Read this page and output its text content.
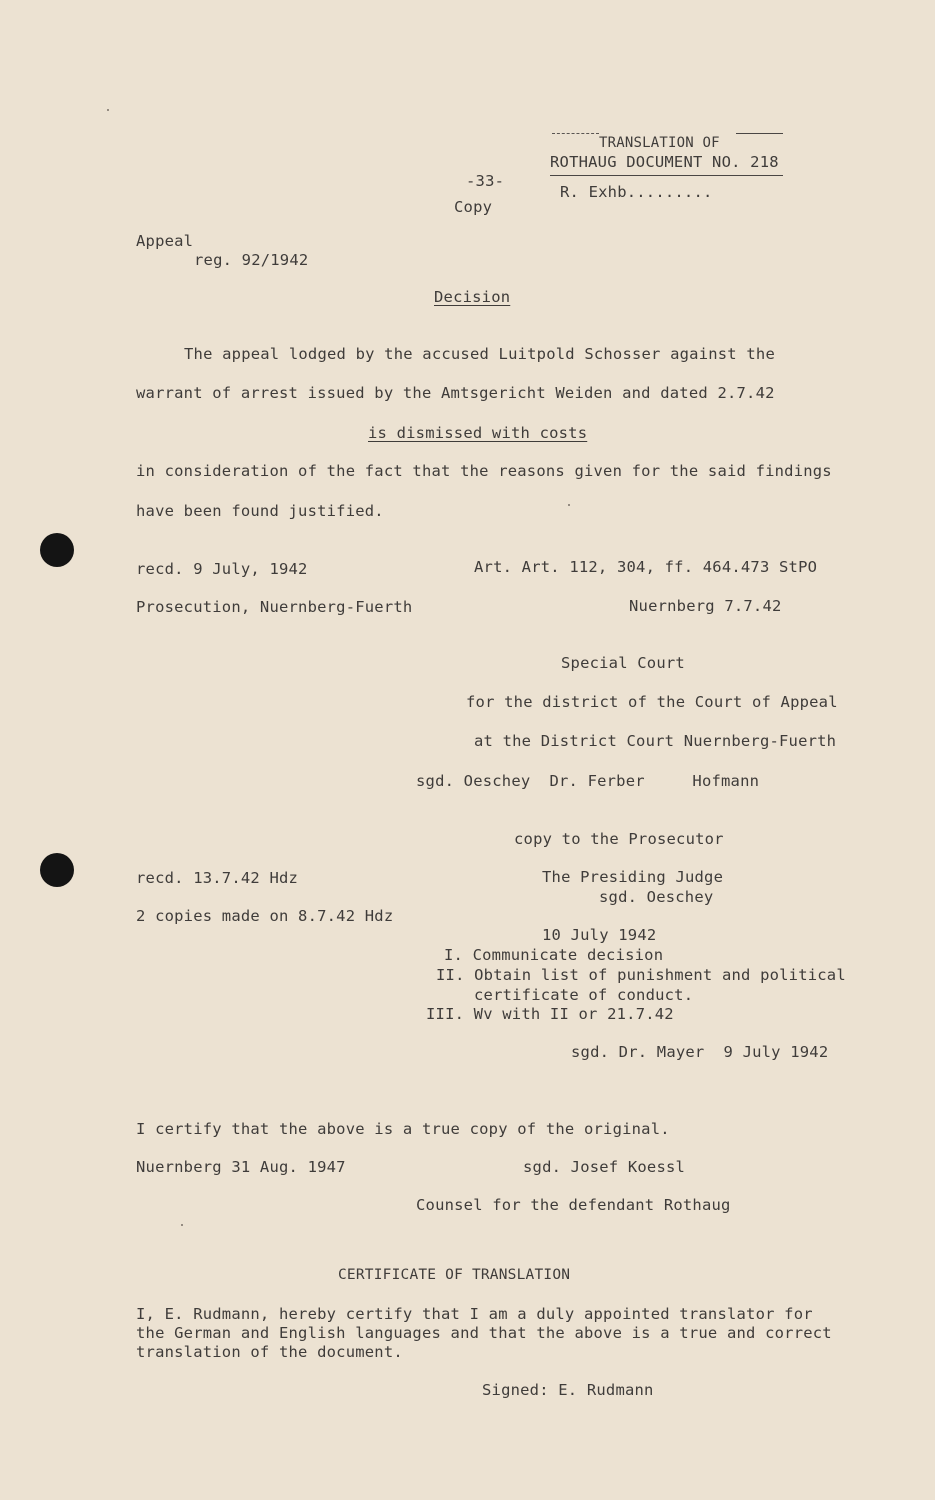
TRANSLATION OF
ROTHAUG DOCUMENT NO. 218
R. Exhb.........
-33-
Copy
Appeal
reg. 92/1942
Decision
The appeal lodged by the accused Luitpold Schosser against the
warrant of arrest issued by the Amtsgericht Weiden and dated 2.7.42
is dismissed with costs
in consideration of the fact that the reasons given for the said findings
have been found justified.
recd. 9 July, 1942	Art. Art. 112, 304, ff. 464.473 StPO
Prosecution, Nuernberg-Fuerth	Nuernberg 7.7.42
Special Court
for the district of the Court of Appeal
at the District Court Nuernberg-Fuerth
sgd. Oeschey  Dr. Ferber     Hofmann
copy to the Prosecutor
recd. 13.7.42 Hdz	The Presiding Judge
sgd. Oeschey
2 copies made on 8.7.42 Hdz
10 July 1942
I. Communicate decision
II. Obtain list of punishment and political
certificate of conduct.
III. Wv with II or 21.7.42
sgd. Dr. Mayer  9 July 1942
I certify that the above is a true copy of the original.
Nuernberg 31 Aug. 1947	sgd. Josef Koessl
Counsel for the defendant Rothaug
CERTIFICATE OF TRANSLATION
I, E. Rudmann, hereby certify that I am a duly appointed translator for
the German and English languages and that the above is a true and correct
translation of the document.
Signed: E. Rudmann
